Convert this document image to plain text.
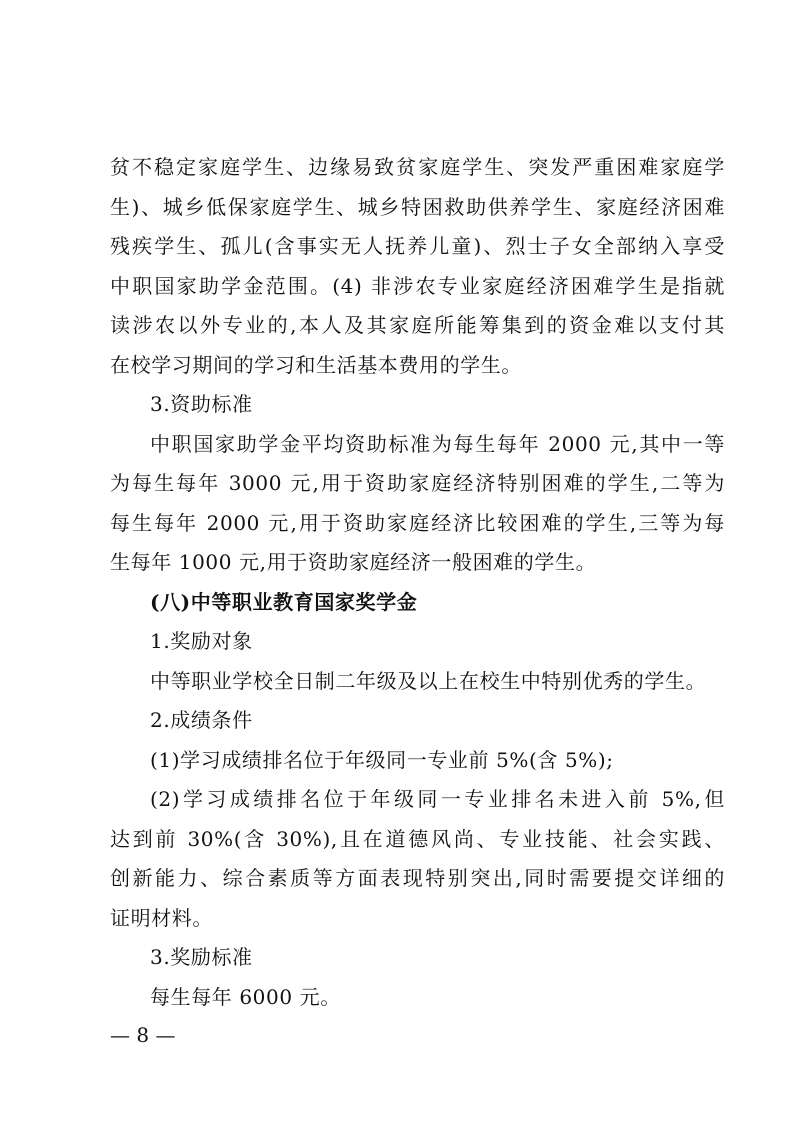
贫不稳定家庭学生、边缘易致贫家庭学生、突发严重困难家庭学
生)、城乡低保家庭学生、城乡特困救助供养学生、家庭经济困难
残疾学生、孤儿(含事实无人抚养儿童)、烈士子女全部纳入享受
中职国家助学金范围。(4) 非涉农专业家庭经济困难学生是指就
读涉农以外专业的,本人及其家庭所能筹集到的资金难以支付其
在校学习期间的学习和生活基本费用的学生。
3.资助标准
中职国家助学金平均资助标准为每生每年 2000 元,其中一等
为每生每年 3000 元,用于资助家庭经济特别困难的学生,二等为
每生每年 2000 元,用于资助家庭经济比较困难的学生,三等为每
生每年 1000 元,用于资助家庭经济一般困难的学生。
(八)中等职业教育国家奖学金
1.奖励对象
中等职业学校全日制二年级及以上在校生中特别优秀的学生。
2.成绩条件
(1)学习成绩排名位于年级同一专业前 5%(含 5%);
(2)学习成绩排名位于年级同一专业排名未进入前 5%,但
达到前 30%(含 30%),且在道德风尚、专业技能、社会实践、
创新能力、综合素质等方面表现特别突出,同时需要提交详细的
证明材料。
3.奖励标准
每生每年 6000 元。
— 8 —
